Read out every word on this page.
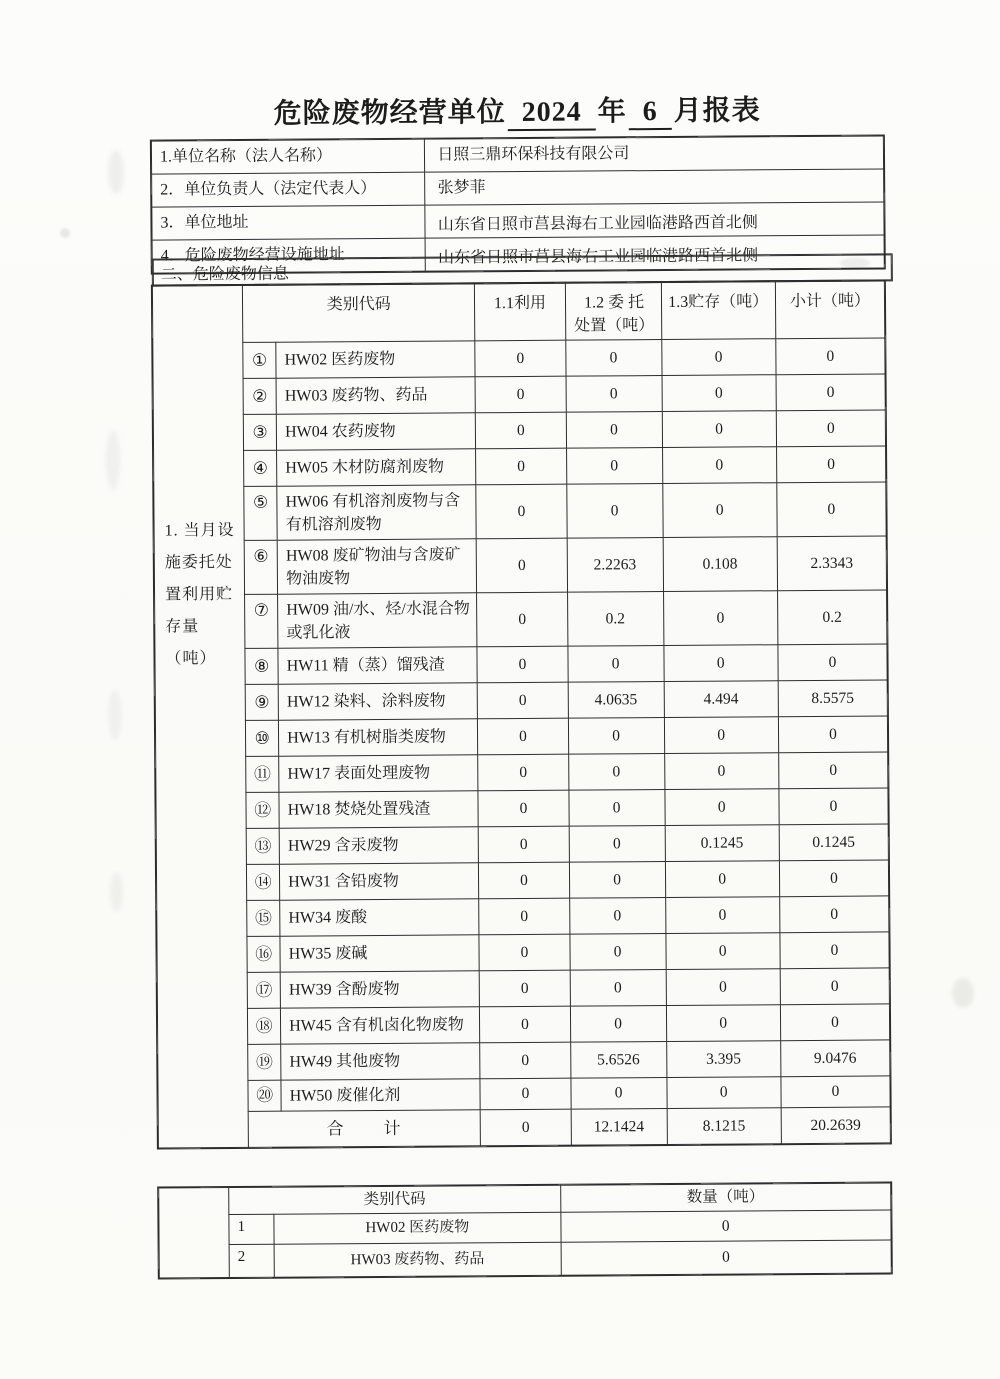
危险废物经营单位 2024 年 6 月报表
1.单位名称（法人名称）	日照三鼎环保科技有限公司
2．单位负责人（法定代表人）	张梦菲
3．单位地址	山东省日照市莒县海右工业园临港路西首北侧
4．危险废物经营设施地址	山东省日照市莒县海右工业园临港路西首北侧
二、危险废物信息
1. 当月设施委托处置利用贮存量（吨）	类别代码		1.1利用	1.2 委 托
处置（吨）	1.3贮存（吨）	小计（吨）
	①	HW02 医药废物	0	0	0	0
	②	HW03 废药物、药品	0	0	0	0
	③	HW04 农药废物	0	0	0	0
	④	HW05 木材防腐剂废物	0	0	0	0
	⑤	HW06 有机溶剂废物与含有机溶剂废物	0	0	0	0
	⑥	HW08 废矿物油与含废矿物油废物	0	2.2263	0.108	2.3343
	⑦	HW09 油/水、烃/水混合物或乳化液	0	0.2	0	0.2
	⑧	HW11 精（蒸）馏残渣	0	0	0	0
	⑨	HW12 染料、涂料废物	0	4.0635	4.494	8.5575
	⑩	HW13 有机树脂类废物	0	0	0	0
	⑪	HW17 表面处理废物	0	0	0	0
	⑫	HW18 焚烧处置残渣	0	0	0	0
	⑬	HW29 含汞废物	0	0	0.1245	0.1245
	⑭	HW31 含铅废物	0	0	0	0
	⑮	HW34 废酸	0	0	0	0
	⑯	HW35 废碱	0	0	0	0
	⑰	HW39 含酚废物	0	0	0	0
	⑱	HW45 含有机卤化物废物	0	0	0	0
	⑲	HW49 其他废物	0	5.6526	3.395	9.0476
	⑳	HW50 废催化剂	0	0	0	0
	合　　计		0	12.1424	8.1215	20.2639
	类别代码		数量（吨）
	1	HW02 医药废物	0
	2	HW03 废药物、药品	0
